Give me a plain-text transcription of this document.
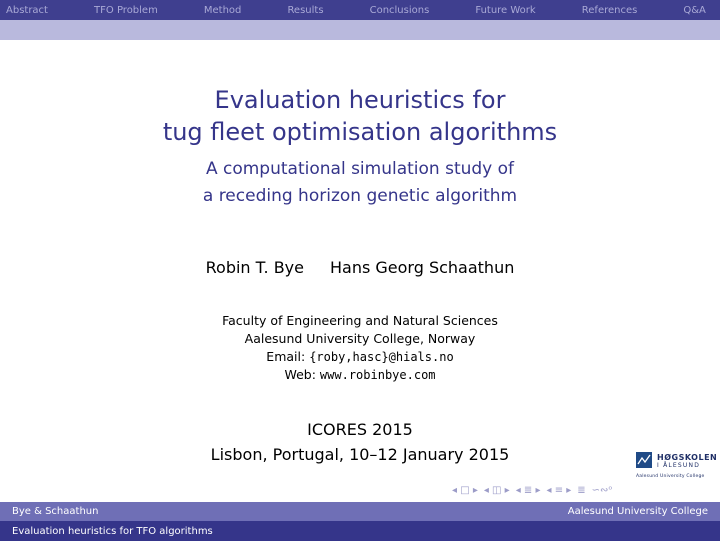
Abstract	TFO Problem	Method	Results	Conclusions	Future Work	References	Q&A
Evaluation heuristics for
tug fleet optimisation algorithms
A computational simulation study of
a receding horizon genetic algorithm
Robin T. Bye Hans Georg Schaathun
Faculty of Engineering and Natural Sciences
Aalesund University College, Norway
Email: {roby,hasc}@hials.no
Web: www.robinbye.com
ICORES 2015
Lisbon, Portugal, 10–12 January 2015	HØGSKOLEN
I ÅLESUND
Aalesund University College
◂ □ ▸ ◂ ◫ ▸ ◂ ≣ ▸ ◂ ≡ ▸ ≣ ∽∾ᵒ
Bye & Schaathun	Aalesund University College
Evaluation heuristics for TFO algorithms
